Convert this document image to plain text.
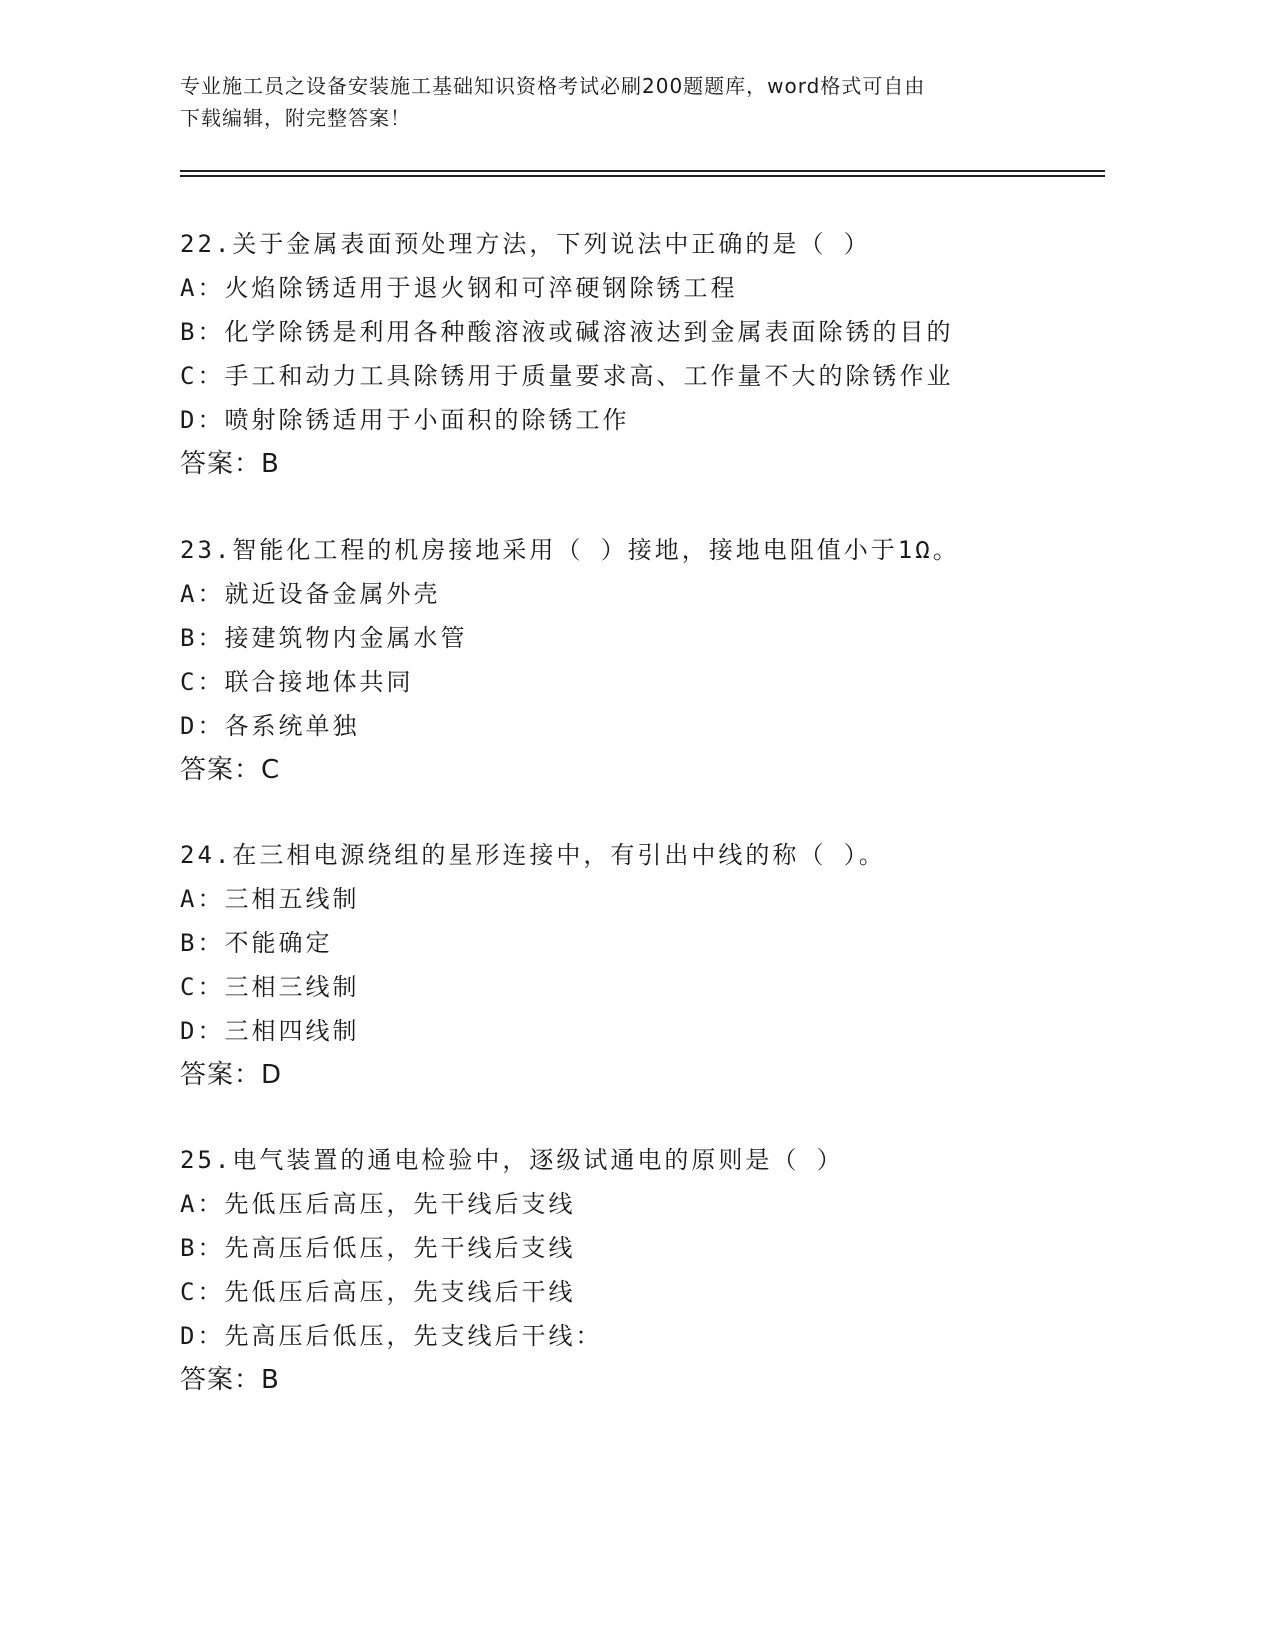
专业施工员之设备安装施工基础知识资格考试必刷200题题库，word格式可自由
下载编辑，附完整答案！
22.关于金属表面预处理方法，下列说法中正确的是（ ）
A：火焰除锈适用于退火钢和可淬硬钢除锈工程
B：化学除锈是利用各种酸溶液或碱溶液达到金属表面除锈的目的
C：手工和动力工具除锈用于质量要求高、工作量不大的除锈作业
D：喷射除锈适用于小面积的除锈工作
答案：B
23.智能化工程的机房接地采用（ ）接地，接地电阻值小于1Ω。
A：就近设备金属外壳
B：接建筑物内金属水管
C：联合接地体共同
D：各系统单独
答案：C
24.在三相电源绕组的星形连接中，有引出中线的称（ ）。
A：三相五线制
B：不能确定
C：三相三线制
D：三相四线制
答案：D
25.电气装置的通电检验中，逐级试通电的原则是（ ）
A：先低压后高压，先干线后支线
B：先高压后低压，先干线后支线
C：先低压后高压，先支线后干线
D：先高压后低压，先支线后干线：
答案：B
